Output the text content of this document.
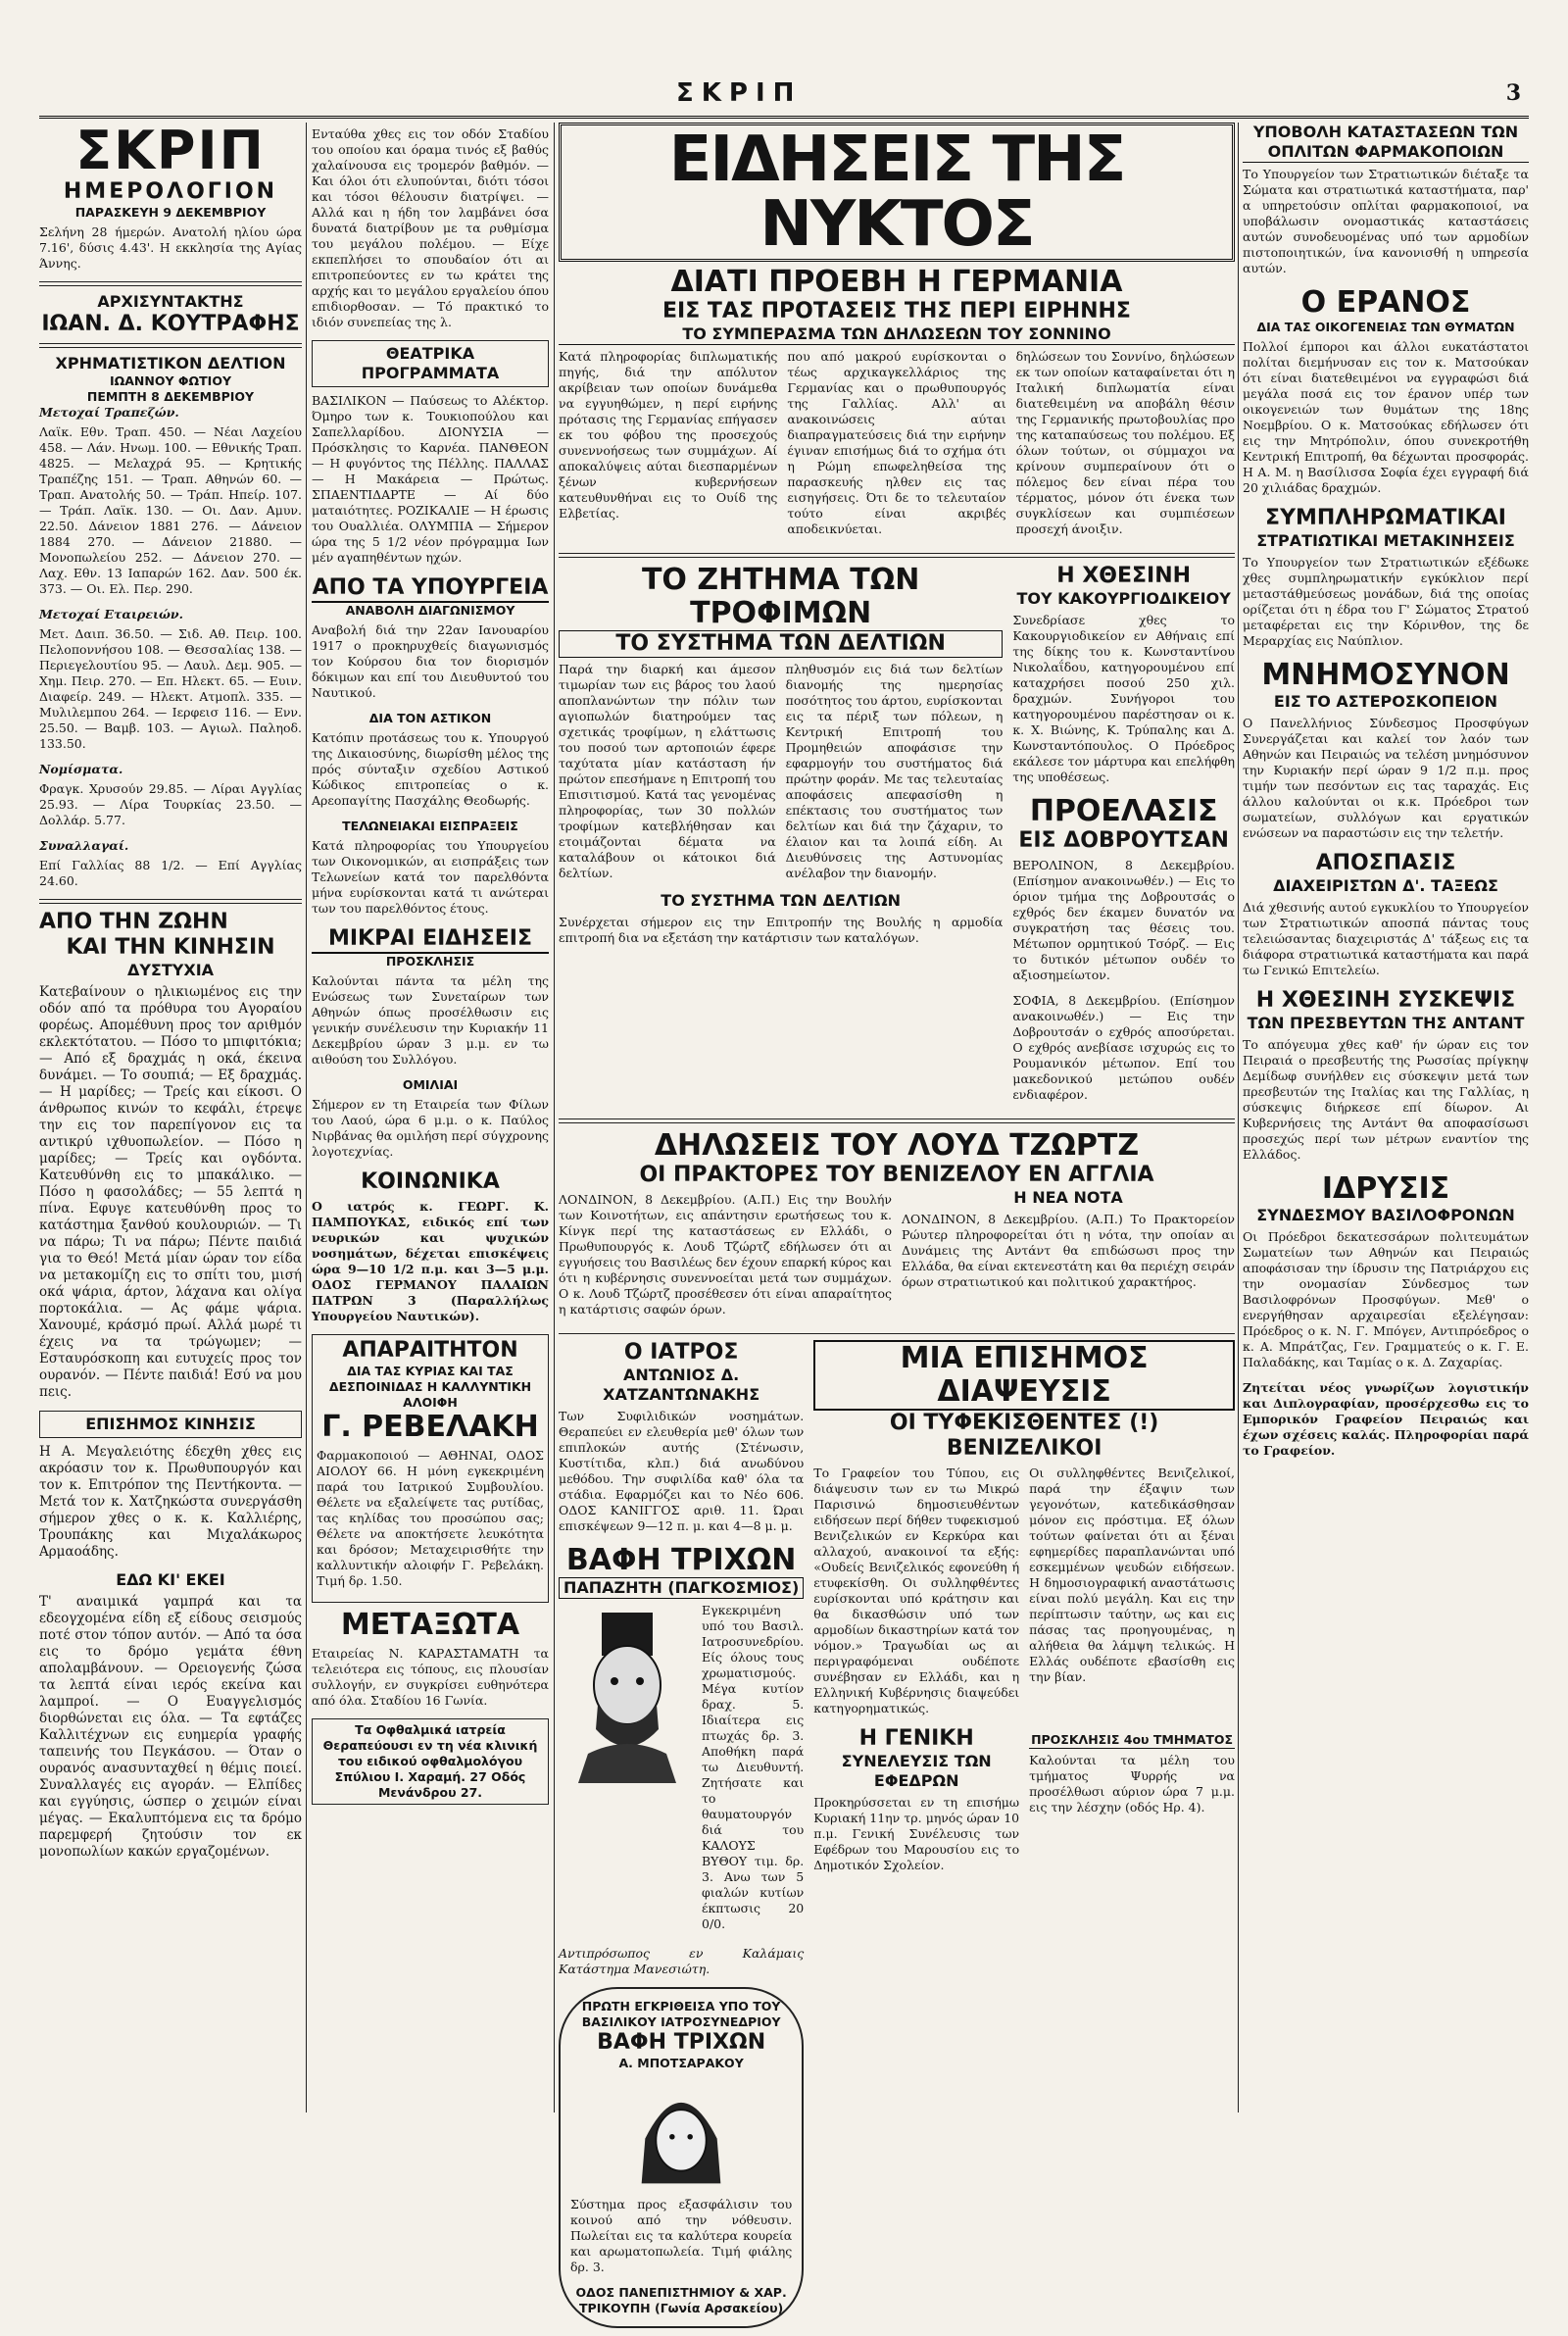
ΣΚΡΙΠ	3
ΣΚΡΙΠ
ΗΜΕΡΟΛΟΓΙΟΝ
ΠΑΡΑΣΚΕΥΗ 9 ΔΕΚΕΜΒΡΙΟΥ
Σελήνη 28 ήμερών. Ανατολή ηλίου ώρα 7.16', δύσις 4.43'. Η εκκλησία της Αγίας Άννης.
ΑΡΧΙΣΥΝΤΑΚΤΗΣ
ΙΩΑΝ. Δ. ΚΟΥΤΡΑΦΗΣ
ΧΡΗΜΑΤΙΣΤΙΚΟΝ ΔΕΛΤΙΟΝ
ΙΩΑΝΝΟΥ ΦΩΤΙΟΥ
ΠΕΜΠΤΗ 8 ΔΕΚΕΜΒΡΙΟΥ
Μετοχαί Τραπεζών.
Λαϊκ. Εθν. Τραπ. 450. — Νέαι Λαχείου 458. — Λάν. Ηνωμ. 100. — Εθνικής Τραπ. 4825. — Μελαχρά 95. — Κρητικής Τραπέζης 151. — Τραπ. Αθηνών 60. — Τραπ. Ανατολής 50. — Τράπ. Ηπείρ. 107. — Τράπ. Λαϊκ. 130. — Οι. Δαν. Αμυν. 22.50. Δάνειον 1881 276. — Δάνειον 1884 270. — Δάνειον 21880. — Μονοπωλείου 252. — Δάνειον 270. — Λαχ. Εθν. 13 Ιαπαρών 162. Δαν. 500 έκ. 373. — Οι. Ελ. Περ. 290.
Μετοχαί Εταιρειών.
Μετ. Δαιπ. 36.50. — Σιδ. Αθ. Πειρ. 100. Πελοποννήσου 108. — Θεσσαλίας 138. — Περιεγελουτίου 95. — Λαυλ. Δεμ. 905. — Χημ. Πειρ. 270. — Επ. Ηλεκτ. 65. — Ευιν. Διαφείρ. 249. — Ηλεκτ. Ατμοπλ. 335. — Μυλιλεμπου 264. — Ιερφεισ 116. — Ενν. 25.50. — Βαμβ. 103. — Αγιωλ. Παληοδ. 133.50.
Νομίσματα.
Φραγκ. Χρυσούν 29.85. — Λίραι Αγγλίας 25.93. — Λίρα Τουρκίας 23.50. — Δολλάρ. 5.77.
Συναλλαγαί.
Επί Γαλλίας 88 1/2. — Επί Αγγλίας 24.60.
ΑΠΟ ΤΗΝ ΖΩΗΝ
ΚΑΙ ΤΗΝ ΚΙΝΗΣΙΝ
ΔΥΣΤΥΧΙΑ
Κατεβαίνουν ο ηλικιωμένος εις την οδόν από τα πρόθυρα του Αγοραίου φορέως. Απομέθυνη προς τον αριθμόν εκλεκτότατου. — Πόσο το μπιφιτόκια; — Από εξ δραχμάς η οκά, έκεινα δυνάμει. — Το σουπιά; — Εξ δραχμάς. — Η μαρίδες; — Τρείς και είκοσι. Ο άνθρωπος κινών το κεφάλι, έτρεψε την εις τον παρεπίγονον εις τα αντικρύ ιχθυοπωλείον. — Πόσο η μαρίδες; — Τρείς και ογδόντα. Κατευθύνθη εις το μπακάλικο. — Πόσο η φασολάδες; — 55 λεπτά η πίνα. Εφυγε κατευθύνθη προς το κατάστημα ξανθού κουλουριών. — Τι να πάρω; Τι να πάρω; Πέντε παιδιά για το Θεό! Μετά μίαν ώραν τον είδα να μετακομίζη εις το σπίτι του, μισή οκά ψάρια, άρτον, λάχανα και ολίγα πορτοκάλια. — Ας φάμε ψάρια. Χανουμέ, κράσμό πρωί. Αλλά μωρέ τι έχεις να τα τρώγωμεν; — Εσταυρόσκοπη και ευτυχείς προς τον ουρανόν. — Πέντε παιδιά! Εσύ να μου πεις.
ΕΠΙΣΗΜΟΣ ΚΙΝΗΣΙΣ
Η Α. Μεγαλειότης έδεχθη χθες εις ακρόασιν τον κ. Πρωθυπουργόν και τον κ. Επιτρόπον της Πεντήκοντα. — Μετά τον κ. Χατζηκώστα συνεργάσθη σήμερον χθες ο κ. κ. Καλλιέρης, Τρουπάκης και Μιχαλάκωρος Αρμαοάδης.
ΕΔΩ ΚΙ' ΕΚΕΙ
Τ' αναιμικά γαμπρά και τα εδεογχομένα είδη εξ είδους σεισμούς ποτέ στον τόπον αυτόν. — Από τα όσα εις το δρόμο γεμάτα έθνη απολαμβάνουν. — Ορειογενής ζώσα τα λεπτά είναι ιερός εκείνα και λαμπροί. — Ο Ευαγγελισμός διορθώνεται εις όλα. — Τα εφτάζες Καλλιτέχνων εις ευημερία γραφής ταπεινής του Πεγκάσου. — Όταν ο ουρανός ανασυνταχθεί η θέμις ποιεί. Συναλλαγές εις αγοράν. — Ελπίδες και εγγύησις, ώσπερ ο χειμών είναι μέγας. — Εκαλυπτόμενα εις τα δρόμο παρεμφερή ζητούσιν τον εκ μονοπωλίων κακών εργαζομένων.
Ενταύθα χθες εις τον οδόν Σταδίου του οποίου και όραμα τινός εξ βαθύς χαλαίνουσα εις τρομερόν βαθμόν. — Και όλοι ότι ελυπούνται, διότι τόσοι και τόσοι θέλουσιν διατρίψει. — Αλλά και η ήδη τον λαμβάνει όσα δυνατά διατρίβουν με τα ρυθμίσμα του μεγάλου πολέμου. — Είχε εκπεπλήσει το σπουδαίον ότι αι επιτροπεύοντες εν τω κράτει της αρχής και το μεγάλου εργαλείου όπου επιδιορθοσαν. — Τό πρακτικό το ιδιόν συνεπείας της λ.
ΘΕΑΤΡΙΚΑ ΠΡΟΓΡΑΜΜΑΤΑ
ΒΑΣΙΛΙΚΟΝ — Παύσεως το Αλέκτορ. Όμηρο των κ. Τουκιοπούλου και Σαπελλαρίδου. ΔΙΟΝΥΣΙΑ — Πρόσκλησις το Καρνέα. ΠΑΝΘΕΟΝ — Η φυγόντος της Πέλλης. ΠΑΛΛΑΣ — Η Μακάρεια — Πρώτως. ΣΠΑΕΝΤΙΔΑΡΤΕ — Αί δύο ματαιότητες. ΡΟΖΙΚΑΛΙΕ — Η έρωσις του Ουαλλιέα. ΟΛΥΜΠΙΑ — Σήμερον ώρα της 5 1/2 νέον πρόγραμμα Ιων μέν αγαπηθέντων ηχών.
ΑΠΟ ΤΑ ΥΠΟΥΡΓΕΙΑ
ΑΝΑΒΟΛΗ ΔΙΑΓΩΝΙΣΜΟΥ
Αναβολή διά την 22αν Ιανουαρίου 1917 ο προκηρυχθείς διαγωνισμός τον Κούρσου δια τον διορισμόν δόκιμων και επί του Διευθυντού του Ναυτικού.
ΔΙΑ ΤΟΝ ΑΣΤΙΚΟΝ
Κατόπιν προτάσεως του κ. Υπουργού της Δικαιοσύνης, διωρίσθη μέλος της πρός σύνταξιν σχεδίου Αστικού Κώδικος επιτροπείας ο κ. Αρεοπαγίτης Πασχάλης Θεοδωρής.
ΤΕΛΩΝΕΙΑΚΑΙ ΕΙΣΠΡΑΞΕΙΣ
Κατά πληροφορίας του Υπουργείου των Οικονομικών, αι εισπράξεις των Τελωνείων κατά τον παρελθόντα μήνα ευρίσκονται κατά τι ανώτεραι των του παρελθόντος έτους.
ΜΙΚΡΑΙ ΕΙΔΗΣΕΙΣ
ΠΡΟΣΚΛΗΣΙΣ
Καλούνται πάντα τα μέλη της Ενώσεως των Συνεταίρων των Αθηνών όπως προσέλθωσιν εις γενικήν συνέλευσιν την Κυριακήν 11 Δεκεμβρίου ώραν 3 μ.μ. εν τω αιθούση του Συλλόγου.
ΟΜΙΛΙΑΙ
Σήμερον εν τη Εταιρεία των Φίλων του Λαού, ώρα 6 μ.μ. ο κ. Παύλος Νιρβάνας θα ομιλήση περί σύγχρονης λογοτεχνίας.
ΚΟΙΝΩΝΙΚΑ
Ο ιατρός κ. ΓΕΩΡΓ. Κ. ΠΑΜΠΟΥΚΑΣ, ειδικός επί των νευρικών και ψυχικών νοσημάτων, δέχεται επισκέψεις ώρα 9—10 1/2 π.μ. και 3—5 μ.μ. ΟΔΟΣ ΓΕΡΜΑΝΟΥ ΠΑΛΑΙΩΝ ΠΑΤΡΩΝ 3 (Παραλλήλως Υπουργείου Ναυτικών).
ΑΠΑΡΑΙΤΗΤΟΝ
ΔΙΑ ΤΑΣ ΚΥΡΙΑΣ ΚΑΙ ΤΑΣ ΔΕΣΠΟΙΝΙΔΑΣ Η ΚΑΛΛΥΝΤΙΚΗ ΑΛΟΙΦΗ
Γ. ΡΕΒΕΛΑΚΗ
Φαρμακοποιού — ΑΘΗΝΑΙ, ΟΔΟΣ ΑΙΟΛΟΥ 66. Η μόνη εγκεκριμένη παρά του Ιατρικού Συμβουλίου. Θέλετε να εξαλείψετε τας ρυτίδας, τας κηλίδας του προσώπου σας; Θέλετε να αποκτήσετε λευκότητα και δρόσον; Μεταχειρισθήτε την καλλυντικήν αλοιφήν Γ. Ρεβελάκη. Τιμή δρ. 1.50.
ΜΕΤΑΞΩΤΑ
Εταιρείας Ν. ΚΑΡΑΣΤΑΜΑΤΗ τα τελειότερα εις τόπους, εις πλουσίαν συλλογήν, εν συγκρίσει ευθηνότερα από όλα. Σταδίου 16 Γωνία.
Τα Οφθαλμικά ιατρεία Θεραπεύουσι εν τη νέα κλινική του ειδικού οφθαλμολόγου Σπύλιου Ι. Χαραμή. 27 Οδός Μενάνδρου 27.
ΕΙΔΗΣΕΙΣ ΤΗΣ ΝΥΚΤΟΣ
ΔΙΑΤΙ ΠΡΟΕΒΗ Η ΓΕΡΜΑΝΙΑ
ΕΙΣ ΤΑΣ ΠΡΟΤΑΣΕΙΣ ΤΗΣ ΠΕΡΙ ΕΙΡΗΝΗΣ
ΤΟ ΣΥΜΠΕΡΑΣΜΑ ΤΩΝ ΔΗΛΩΣΕΩΝ ΤΟΥ ΣΟΝΝΙΝΟ
Κατά πληροφορίας διπλωματικής πηγής, διά την απόλυτον ακρίβειαν των οποίων δυνάμεθα να εγγυηθώμεν, η περί ειρήνης πρότασις της Γερμανίας επήγασεν εκ του φόβου της προσεχούς συνεννοήσεως των συμμάχων. Αί αποκαλύψεις αύται διεσπαρμένων ξένων κυβερνήσεων κατευθυνθήναι εις το Ουίδ της Ελβετίας.
που από μακρού ευρίσκονται ο τέως αρχικαγκελλάριος της Γερμανίας και ο πρωθυπουργός της Γαλλίας. Αλλ' αι ανακοινώσεις αύται διαπραγματεύσεις διά την ειρήνην έγιναν επισήμως διά το σχήμα ότι η Ρώμη επωφεληθείσα της παρασκευής ηλθεν εις τας εισηγήσεις. Ότι δε το τελευταίον τούτο είναι ακριβές αποδεικνύεται.
δηλώσεων του Σοννίνο, δηλώσεων εκ των οποίων καταφαίνεται ότι η Ιταλική διπλωματία είναι διατεθειμένη να αποβάλη θέσιν της Γερμανικής πρωτοβουλίας προ της καταπαύσεως του πολέμου. Εξ όλων τούτων, οι σύμμαχοι να κρίνουν συμπεραίνουν ότι ο πόλεμος δεν είναι πέρα του τέρματος, μόνον ότι ένεκα των συγκλίσεων και συμπιέσεων προσεχή άνοιξιν.
ΤΟ ΖΗΤΗΜΑ ΤΩΝ ΤΡΟΦΙΜΩΝ
ΤΟ ΣΥΣΤΗΜΑ ΤΩΝ ΔΕΛΤΙΩΝ
Παρά την διαρκή και άμεσον τιμωρίαν των εις βάρος του λαού αποπλανώντων την πόλιν των αγιοπωλών διατηρούμεν τας σχετικάς τροφίμων, η ελάττωσις του ποσού των αρτοποιών έφερε ταχύτατα μίαν κατάσταση ήν πρώτον επεσήμανε η Επιτροπή του Επισιτισμού. Κατά τας γενομένας πληροφορίας, των 30 πολλών τροφίμων κατεβλήθησαν και ετοιμάζονται δέματα να καταλάβουν οι κάτοικοι διά δελτίων.
πληθυσμόν εις διά των δελτίων διανομής της ημερησίας ποσότητος του άρτου, ευρίσκονται εις τα πέριξ των πόλεων, η Κεντρική Επιτροπή του Προμηθειών αποφάσισε την εφαρμογήν του συστήματος διά πρώτην φοράν. Με τας τελευταίας αποφάσεις απεφασίσθη η επέκτασις του συστήματος των δελτίων και διά την ζάχαριν, το έλαιον και τα λοιπά είδη. Αι Διευθύνσεις της Αστυνομίας ανέλαβον την διανομήν.
ΤΟ ΣΥΣΤΗΜΑ ΤΩΝ ΔΕΛΤΙΩΝ
Συνέρχεται σήμερον εις την Επιτροπήν της Βουλής η αρμοδία επιτροπή δια να εξετάση την κατάρτισιν των καταλόγων.
Η ΧΘΕΣΙΝΗ
ΤΟΥ ΚΑΚΟΥΡΓΙΟΔΙΚΕΙΟΥ
Συνεδρίασε χθες το Κακουργιοδικείον εν Αθήναις επί της δίκης του κ. Κωνσταντίνου Νικολαΐδου, κατηγορουμένου επί καταχρήσει ποσού 250 χιλ. δραχμών. Συνήγοροι του κατηγορουμένου παρέστησαν οι κ. κ. Χ. Βιώνης, Κ. Τρύπαλης και Δ. Κωνσταντόπουλος. Ο Πρόεδρος εκάλεσε τον μάρτυρα και επελήφθη της υποθέσεως.
ΠΡΟΕΛΑΣΙΣ
ΕΙΣ ΔΟΒΡΟΥΤΣΑΝ
ΒΕΡΟΛΙΝΟΝ, 8 Δεκεμβρίου. (Επίσημον ανακοινωθέν.) — Εις το όριον τμήμα της Δοβρουτσάς ο εχθρός δεν έκαμεν δυνατόν να συγκρατήση τας θέσεις του. Μέτωπον ορμητικού Τσόρζ. — Εις το δυτικόν μέτωπον ουδέν το αξιοσημείωτον.
ΣΟΦΙΑ, 8 Δεκεμβρίου. (Επίσημον ανακοινωθέν.) — Εις την Δοβρουτσάν ο εχθρός αποσύρεται. Ο εχθρός ανεβίασε ισχυρώς εις το Ρουμανικόν μέτωπον. Επί του μακεδονικού μετώπου ουδέν ενδιαφέρον.
ΔΗΛΩΣΕΙΣ ΤΟΥ ΛΟΥΔ ΤΖΩΡΤΖ
ΟΙ ΠΡΑΚΤΟΡΕΣ ΤΟΥ ΒΕΝΙΖΕΛΟΥ ΕΝ ΑΓΓΛΙΑ
ΛΟΝΔΙΝΟΝ, 8 Δεκεμβρίου. (Α.Π.) Εις την Βουλήν των Κοινοτήτων, εις απάντησιν ερωτήσεως του κ. Κίνγκ περί της καταστάσεως εν Ελλάδι, ο Πρωθυπουργός κ. Λουδ Τζώρτζ εδήλωσεν ότι αι εγγυήσεις του Βασιλέως δεν έχουν επαρκή κύρος και ότι η κυβέρνησις συνεννοείται μετά των συμμάχων. Ο κ. Λουδ Τζώρτζ προσέθεσεν ότι είναι απαραίτητος η κατάρτισις σαφών όρων.
Η ΝΕΑ ΝΟΤΑ
ΛΟΝΔΙΝΟΝ, 8 Δεκεμβρίου. (Α.Π.) Το Πρακτορείον Ρώυτερ πληροφορείται ότι η νότα, την οποίαν αι Δυνάμεις της Αντάντ θα επιδώσωσι προς την Ελλάδα, θα είναι εκτενεστάτη και θα περιέχη σειράν όρων στρατιωτικού και πολιτικού χαρακτήρος.
Ο ΙΑΤΡΟΣ
ΑΝΤΩΝΙΟΣ Δ. ΧΑΤΖΑΝΤΩΝΑΚΗΣ
Των Συφιλιδικών νοσημάτων. Θεραπεύει εν ελευθερία μεθ' όλων των επιπλοκών αυτής (Στένωσιν, Κυστίτιδα, κλπ.) διά ανωδύνου μεθόδου. Την συφιλίδα καθ' όλα τα στάδια. Εφαρμόζει και το Νέο 606. ΟΔΟΣ ΚΑΝΙΓΓΟΣ αριθ. 11. Ώραι επισκέψεων 9—12 π. μ. και 4—8 μ. μ.
ΒΑΦΗ ΤΡΙΧΩΝ
ΠΑΠΑΖΗΤΗ (ΠΑΓΚΟΣΜΙΟΣ)
Εγκεκριμένη υπό του Βασιλ. Ιατροσυνεδρίου. Είς όλους τους χρωματισμούς. Μέγα κυτίον δραχ. 5. Ιδιαίτερα εις πτωχάς δρ. 3. Αποθήκη παρά τω Διευθυντή. Ζητήσατε και το θαυματουργόν διά του ΚΑΛΟΥΣ ΒΥΘΟΥ τιμ. δρ. 3. Ανω των 5 φιαλών κυτίων έκπτωσις 20 0/0.
Αντιπρόσωπος εν Καλάμαις Κατάστημα Μανεσιώτη.
ΠΡΩΤΗ ΕΓΚΡΙΘΕΙΣΑ ΥΠΟ ΤΟΥ ΒΑΣΙΛΙΚΟΥ ΙΑΤΡΟΣΥΝΕΔΡΙΟΥ
ΒΑΦΗ ΤΡΙΧΩΝ
Α. ΜΠΟΤΣΑΡΑΚΟΥ
Σύστημα προς εξασφάλισιν του κοινού από την νόθευσιν. Πωλείται εις τα καλύτερα κουρεία και αρωματοπωλεία. Τιμή φιάλης δρ. 3.
ΟΔΟΣ ΠΑΝΕΠΙΣΤΗΜΙΟΥ & ΧΑΡ. ΤΡΙΚΟΥΠΗ (Γωνία Αρσακείου)
ΜΙΑ ΕΠΙΣΗΜΟΣ ΔΙΑΨΕΥΣΙΣ
ΟΙ ΤΥΦΕΚΙΣΘΕΝΤΕΣ (!) ΒΕΝΙΖΕΛΙΚΟΙ
Το Γραφείον του Τύπου, εις διάψευσιν των εν τω Μικρώ Παρισινώ δημοσιευθέντων ειδήσεων περί δήθεν τυφεκισμού Βενιζελικών εν Κερκύρα και αλλαχού, ανακοινοί τα εξής: «Ουδείς Βενιζελικός εφονεύθη ή ετυφεκίσθη. Οι συλληφθέντες ευρίσκονται υπό κράτησιν και θα δικασθώσιν υπό των αρμοδίων δικαστηρίων κατά τον νόμον.» Τραγωδίαι ως αι περιγραφόμεναι ουδέποτε συνέβησαν εν Ελλάδι, και η Ελληνική Κυβέρνησις διαψεύδει κατηγορηματικώς.
Οι συλληφθέντες Βενιζελικοί, παρά την έξαψιν των γεγονότων, κατεδικάσθησαν μόνον εις πρόστιμα. Εξ όλων τούτων φαίνεται ότι αι ξέναι εφημερίδες παραπλανώνται υπό εσκεμμένων ψευδών ειδήσεων. Η δημοσιογραφική αναστάτωσις είναι πολύ μεγάλη. Και εις την περίπτωσιν ταύτην, ως και εις πάσας τας προηγουμένας, η αλήθεια θα λάμψη τελικώς. Η Ελλάς ουδέποτε εβασίσθη εις την βίαν.
Η ΓΕΝΙΚΗ
ΣΥΝΕΛΕΥΣΙΣ ΤΩΝ ΕΦΕΔΡΩΝ
Προκηρύσσεται εν τη επισήμω Κυριακή 11ην τρ. μηνός ώραν 10 π.μ. Γενική Συνέλευσις των Εφέδρων του Μαρουσίου εις το Δημοτικόν Σχολείον.
ΠΡΟΣΚΛΗΣΙΣ 4ου ΤΜΗΜΑΤΟΣ
Καλούνται τα μέλη του τμήματος Ψυρρής να προσέλθωσι αύριον ώρα 7 μ.μ. εις την λέσχην (οδός Ηρ. 4).
ΥΠΟΒΟΛΗ ΚΑΤΑΣΤΑΣΕΩΝ ΤΩΝ ΟΠΛΙΤΩΝ ΦΑΡΜΑΚΟΠΟΙΩΝ
Το Υπουργείον των Στρατιωτικών διέταξε τα Σώματα και στρατιωτικά καταστήματα, παρ' α υπηρετούσιν οπλίται φαρμακοποιοί, να υποβάλωσιν ονομαστικάς καταστάσεις αυτών συνοδευομένας υπό των αρμοδίων πιστοποιητικών, ίνα κανονισθή η υπηρεσία αυτών.
Ο ΕΡΑΝΟΣ
ΔΙΑ ΤΑΣ ΟΙΚΟΓΕΝΕΙΑΣ ΤΩΝ ΘΥΜΑΤΩΝ
Πολλοί έμποροι και άλλοι ευκατάστατοι πολίται διεμήνυσαν εις τον κ. Ματσούκαν ότι είναι διατεθειμένοι να εγγραφώσι διά μεγάλα ποσά εις τον έρανον υπέρ των οικογενειών των θυμάτων της 18ης Νοεμβρίου. Ο κ. Ματσούκας εδήλωσεν ότι εις την Μητρόπολιν, όπου συνεκροτήθη Κεντρική Επιτροπή, θα δέχωνται προσφοράς. Η Α. Μ. η Βασίλισσα Σοφία έχει εγγραφή διά 20 χιλιάδας δραχμών.
ΣΥΜΠΛΗΡΩΜΑΤΙΚΑΙ
ΣΤΡΑΤΙΩΤΙΚΑΙ ΜΕΤΑΚΙΝΗΣΕΙΣ
Το Υπουργείον των Στρατιωτικών εξέδωκε χθες συμπληρωματικήν εγκύκλιον περί μεταστάθμεύσεως μονάδων, διά της οποίας ορίζεται ότι η έδρα του Γ' Σώματος Στρατού μεταφέρεται εις την Κόρινθον, της δε Μεραρχίας εις Ναύπλιον.
ΜΝΗΜΟΣΥΝΟΝ
ΕΙΣ ΤΟ ΑΣΤΕΡΟΣΚΟΠΕΙΟΝ
Ο Πανελλήνιος Σύνδεσμος Προσφύγων Συνεργάζεται και καλεί τον λαόν των Αθηνών και Πειραιώς να τελέση μνημόσυνον την Κυριακήν περί ώραν 9 1/2 π.μ. προς τιμήν των πεσόντων εις τας ταραχάς. Εις άλλου καλούνται οι κ.κ. Πρόεδροι των σωματείων, συλλόγων και εργατικών ενώσεων να παραστώσιν εις την τελετήν.
ΑΠΟΣΠΑΣΙΣ
ΔΙΑΧΕΙΡΙΣΤΩΝ Δ'. ΤΑΞΕΩΣ
Διά χθεσινής αυτού εγκυκλίου το Υπουργείον των Στρατιωτικών αποσπά πάντας τους τελειώσαντας διαχειριστάς Δ' τάξεως εις τα διάφορα στρατιωτικά καταστήματα και παρά τω Γενικώ Επιτελείω.
Η ΧΘΕΣΙΝΗ ΣΥΣΚΕΨΙΣ
ΤΩΝ ΠΡΕΣΒΕΥΤΩΝ ΤΗΣ ΑΝΤΑΝΤ
Το απόγευμα χθες καθ' ήν ώραν εις τον Πειραιά ο πρεσβευτής της Ρωσσίας πρίγκηψ Δεμίδωφ συνήλθεν εις σύσκεψιν μετά των πρεσβευτών της Ιταλίας και της Γαλλίας, η σύσκεψις διήρκεσε επί δίωρον. Αι Κυβερνήσεις της Αντάντ θα αποφασίσωσι προσεχώς περί των μέτρων εναντίον της Ελλάδος.
ΙΔΡΥΣΙΣ
ΣΥΝΔΕΣΜΟΥ ΒΑΣΙΛΟΦΡΟΝΩΝ
Οι Πρόεδροι δεκατεσσάρων πολιτευμάτων Σωματείων των Αθηνών και Πειραιώς αποφάσισαν την ίδρυσιν της Πατριάρχου εις την ονομασίαν Σύνδεσμος των Βασιλοφρόνων Προσφύγων. Μεθ' ο ενεργήθησαν αρχαιρεσίαι εξελέγησαν: Πρόεδρος ο κ. Ν. Γ. Μπόγεν, Αντιπρόεδρος ο κ. Α. Μπράτζας, Γεν. Γραμματεύς ο κ. Γ. Ε. Παλαδάκης, και Ταμίας ο κ. Δ. Ζαχαρίας.
Ζητείται νέος γνωρίζων λογιστικήν και Διπλογραφίαν, προσέρχεσθω εις το Εμπορικόν Γραφείον Πειραιώς και έχων σχέσεις καλάς. Πληροφορίαι παρά το Γραφείον.
